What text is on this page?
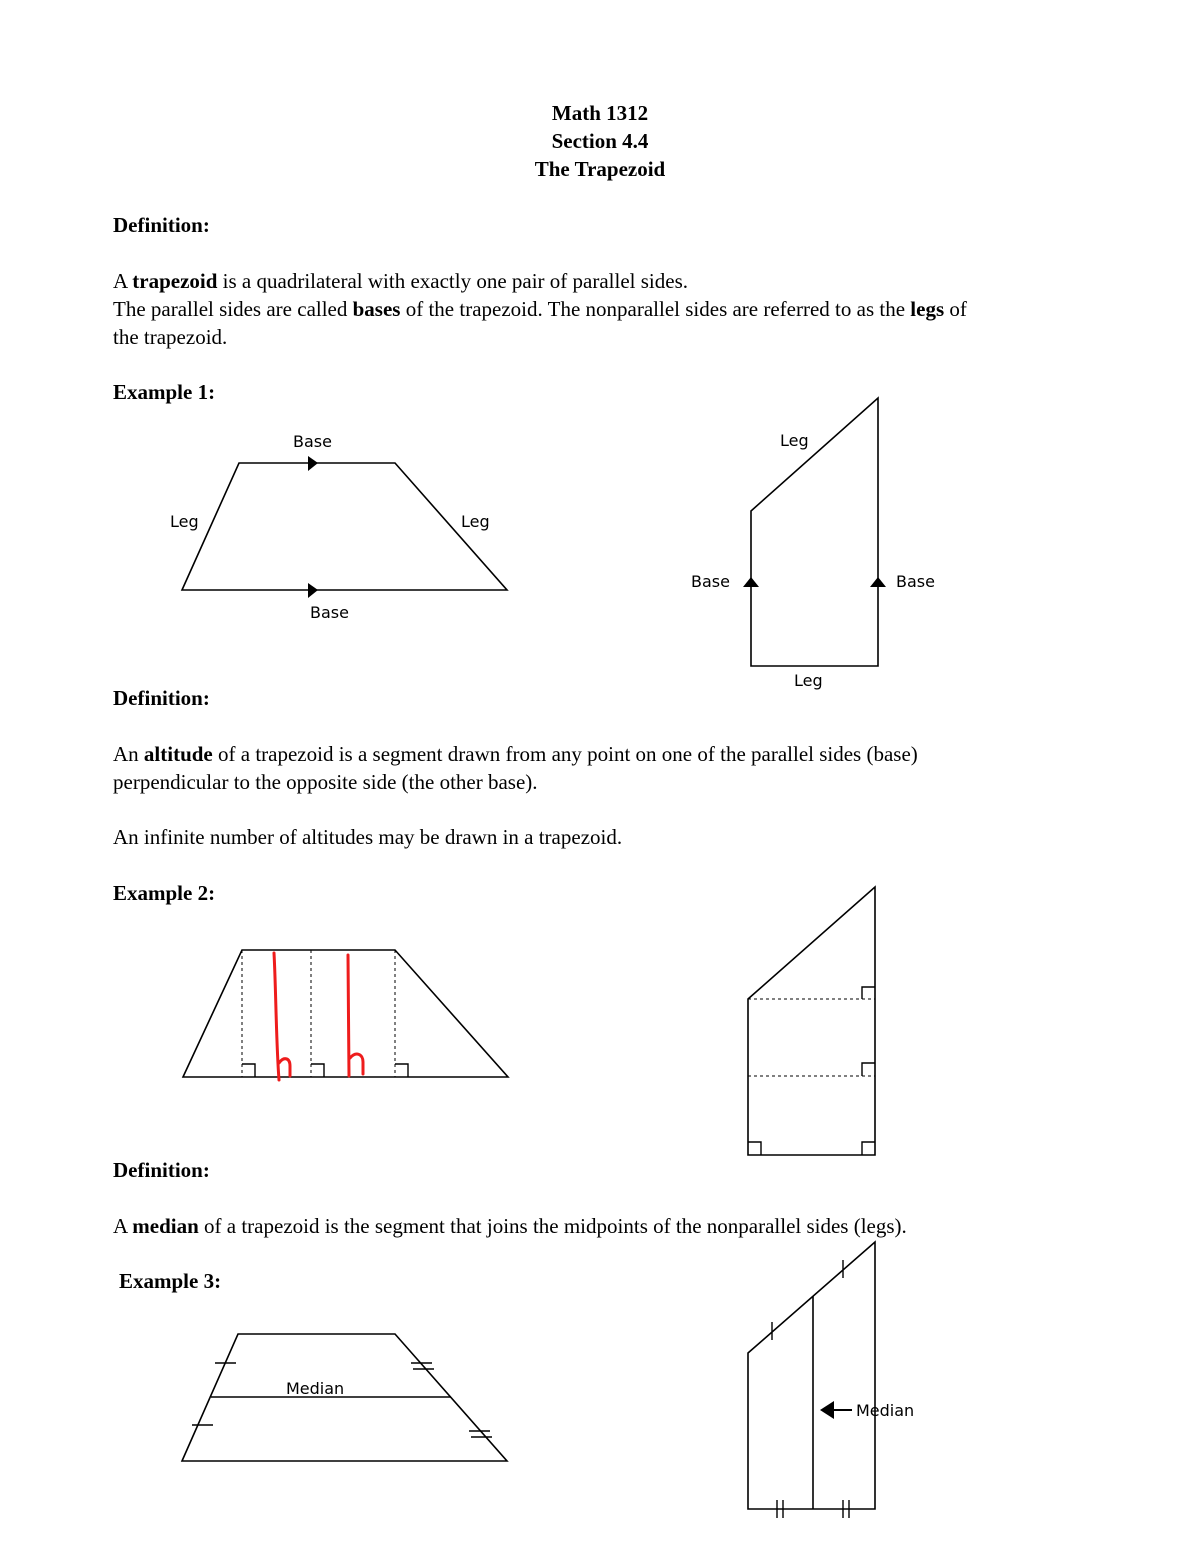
Math 1312
Section 4.4
The Trapezoid
Definition:
A trapezoid is a quadrilateral with exactly one pair of parallel sides.
The parallel sides are called bases of the trapezoid. The nonparallel sides are referred to as the legs of
the trapezoid.
Example 1:
Definition:
An altitude of a trapezoid is a segment drawn from any point on one of the parallel sides (base)
perpendicular to the opposite side (the other base).
An infinite number of altitudes may be drawn in a trapezoid.
Example 2:
Definition:
A median of a trapezoid is the segment that joins the midpoints of the nonparallel sides (legs).
Example 3:
Base
Base
Leg	Leg
Leg
Base	Base
Leg
Median
Median
